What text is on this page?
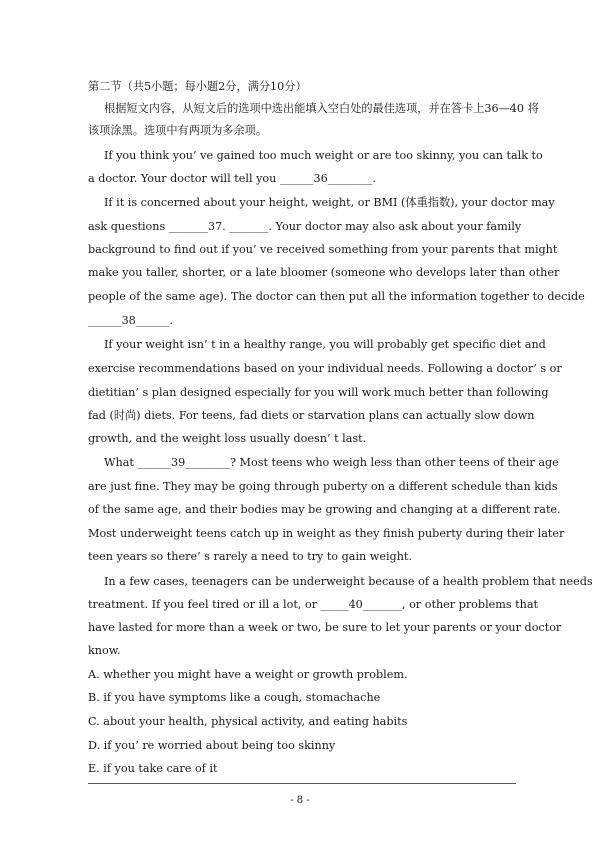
第二节（共5小题；每小题2分，满分10分）
根据短文内容，从短文后的选项中选出能填入空白处的最佳选项，并在答卡上36—40 将
该项涂黑。选项中有两项为多余项。
If you think you’ ve gained too much weight or are too skinny, you can talk to
a doctor. Your doctor will tell you ______36________.
If it is concerned about your height, weight, or BMI (体重指数), your doctor may
ask questions _______37. _______. Your doctor may also ask about your family
background to find out if you’ ve received something from your parents that might
make you taller, shorter, or a late bloomer (someone who develops later than other
people of the same age). The doctor can then put all the information together to decide
______38______.
If your weight isn’ t in a healthy range, you will probably get specific diet and
exercise recommendations based on your individual needs. Following a doctor’ s or
dietitian’ s plan designed especially for you will work much better than following
fad (时尚) diets. For teens, fad diets or starvation plans can actually slow down
growth, and the weight loss usually doesn’ t last.
What ______39________? Most teens who weigh less than other teens of their age
are just fine. They may be going through puberty on a different schedule than kids
of the same age, and their bodies may be growing and changing at a different rate.
Most underweight teens catch up in weight as they finish puberty during their later
teen years so there’ s rarely a need to try to gain weight.
In a few cases, teenagers can be underweight because of a health problem that needs
treatment. If you feel tired or ill a lot, or _____40_______, or other problems that
have lasted for more than a week or two, be sure to let your parents or your doctor
know.
A. whether you might have a weight or growth problem.
B. if you have symptoms like a cough, stomachache
C. about your health, physical activity, and eating habits
D. if you’ re worried about being too skinny
E. if you take care of it
- 8 -
